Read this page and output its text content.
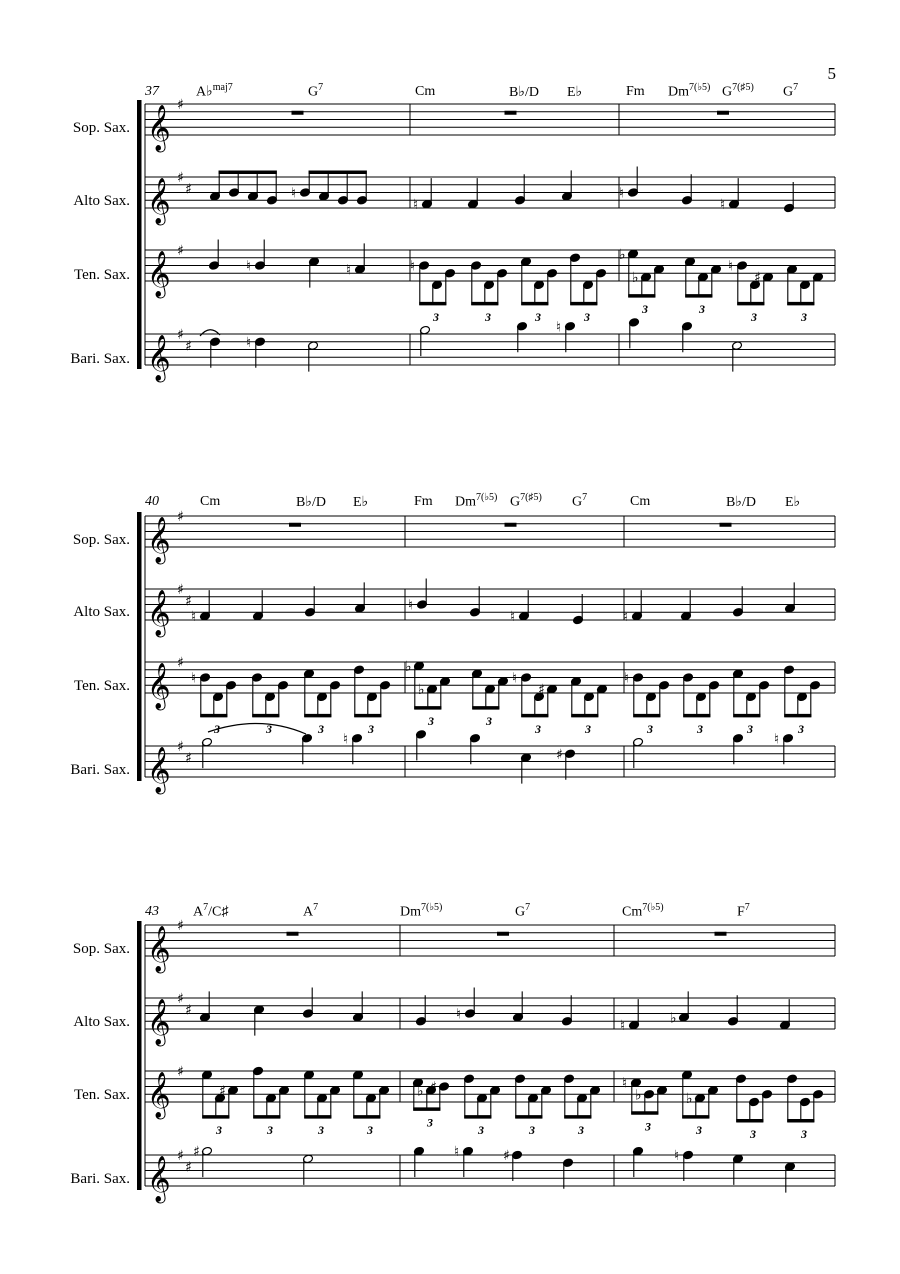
5
37	A♭$^{maj7}$	$G^7$	Cm	B♭/D E♭	Fm $Dm^{7(♭5)}$ $G^{7(♯5)}$ $G^7$
Sop. Sax.
Alto Sax.
Ten. Sax.
Bari. Sax.
40	Cm	B♭/D E♭	Fm $Dm^{7(♭5)}$ $G^{7(♯5)}$ $G^7$	Cm	B♭/D E♭
Sop. Sax.
Alto Sax.
Ten. Sax.
Bari. Sax.
43 $A^7/C♯$	$A^7$	$Dm^{7(♭5)}$	$G^7$	$Cm^{7(♭5)}$	$F^7$
Sop. Sax.
Alto Sax.
Ten. Sax.
Bari. Sax.
𝄞 ♯
𝄞 ♯
♯
𝄞 ♯
𝄞 ♯
♯
𝄞 ♯
𝄞 ♯
♯
𝄞 ♯
𝄞 ♯
♯
𝄞 ♯
𝄞 ♯
♯
𝄞 ♯
𝄞 ♯
♯
♮
♮
♮
♮
♮	♮	♮
3	3	3	3
♭
♭
3	3
♮
♯
3	3
♮
♮
♮
♮
♮	♮
♮
3	3	3	3
♭
♭
3	3
♮
♯
3	3
♮
3	3	3	3
♮
♯
♮
♮
♮	♭
♯
3	3	3	3
♭ ♯
3
3	3	3
♮
♭
3
♭
3	3	3
♯	♮	♯	♮
